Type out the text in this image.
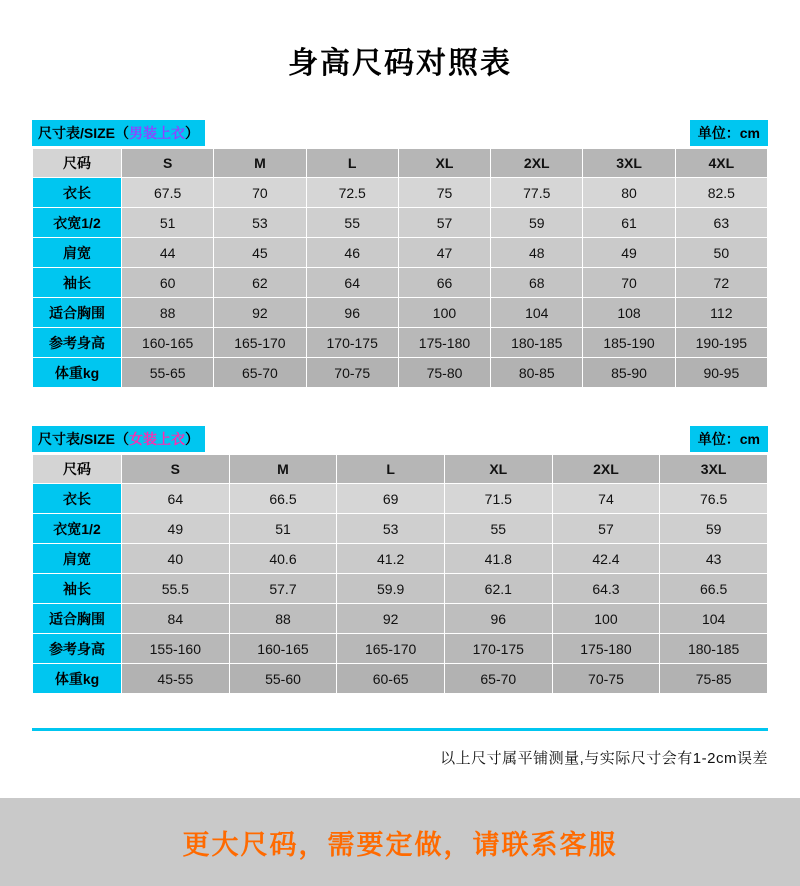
身高尺码对照表
尺寸表/SIZE（ 男装上衣 ）	单位：cm
尺码	S	M	L	XL	2XL	3XL	4XL
衣长	67.5	70	72.5	75	77.5	80	82.5
衣宽1/2	51	53	55	57	59	61	63
肩宽	44	45	46	47	48	49	50
袖长	60	62	64	66	68	70	72
适合胸围	88	92	96	100	104	108	112
参考身高	160-165	165-170	170-175	175-180	180-185	185-190	190-195
体重kg	55-65	65-70	70-75	75-80	80-85	85-90	90-95
尺寸表/SIZE（ 女装上衣 ）	单位：cm
尺码	S	M	L	XL	2XL	3XL
衣长	64	66.5	69	71.5	74	76.5
衣宽1/2	49	51	53	55	57	59
肩宽	40	40.6	41.2	41.8	42.4	43
袖长	55.5	57.7	59.9	62.1	64.3	66.5
适合胸围	84	88	92	96	100	104
参考身高	155-160	160-165	165-170	170-175	175-180	180-185
体重kg	45-55	55-60	60-65	65-70	70-75	75-85
以上尺寸属平铺测量,与实际尺寸会有1-2cm误差
更大尺码，需要定做，请联系客服
